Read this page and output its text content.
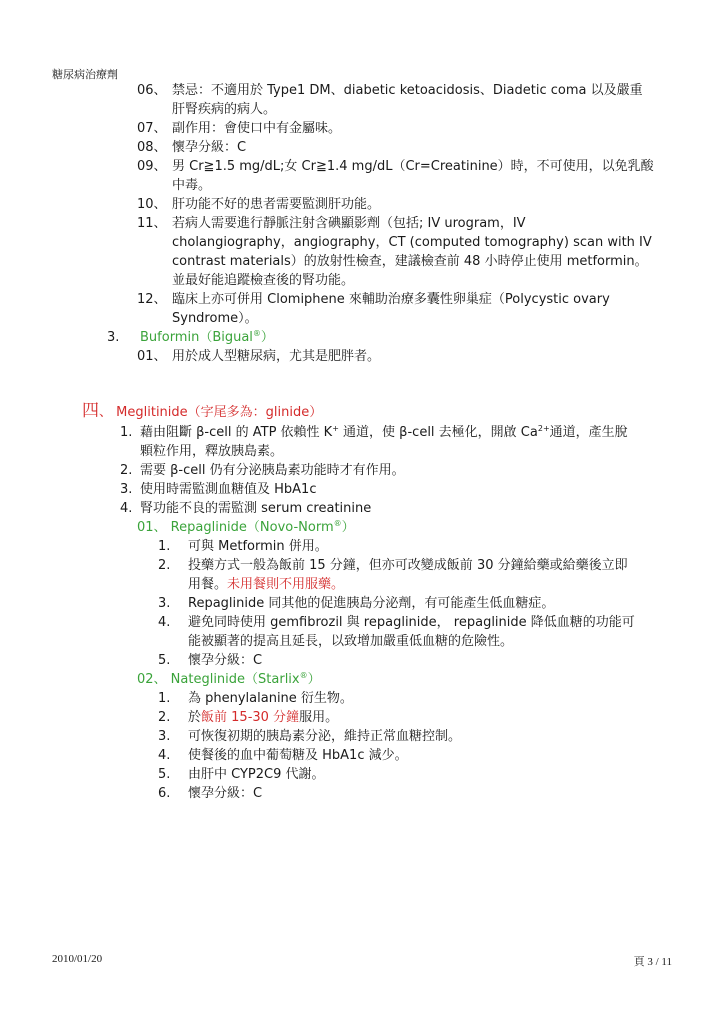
糖尿病治療劑
06、 禁忌：不適用於 Type1 DM、diabetic ketoacidosis、Diadetic coma 以及嚴重
肝腎疾病的病人。
07、 副作用：會使口中有金屬味。
08、 懷孕分級：C
09、 男 Cr≧1.5 mg/dL;女 Cr≧1.4 mg/dL（Cr=Creatinine）時，不可使用，以免乳酸
中毒。
10、 肝功能不好的患者需要監測肝功能。
11、 若病人需要進行靜脈注射含碘顯影劑（包括; IV urogram，IV
cholangiography，angiography，CT (computed tomography) scan with IV
contrast materials）的放射性檢查，建議檢查前 48 小時停止使用 metformin。
並最好能追蹤檢查後的腎功能。
12、 臨床上亦可併用 Clomiphene 來輔助治療多囊性卵巢症（Polycystic ovary
Syndrome）。
3. Buformin（Bigual®）
01、 用於成人型糖尿病，尤其是肥胖者。
四、 Meglitinide（字尾多為：glinide）
1. 藉由阻斷 β-cell 的 ATP 依賴性 K+ 通道，使 β-cell 去極化，開啟 $Ca^{2+}$通道，產生脫
顆粒作用，釋放胰島素。
2. 需要 β-cell 仍有分泌胰島素功能時才有作用。
3. 使用時需監測血糖值及 HbA1c
4. 腎功能不良的需監測 serum creatinine
01、 Repaglinide（Novo-Norm®）
1. 可與 Metformin 併用。
2. 投藥方式一般為飯前 15 分鐘，但亦可改變成飯前 30 分鐘給藥或給藥後立即
用餐。未用餐則不用服藥。
3. Repaglinide 同其他的促進胰島分泌劑，有可能產生低血糖症。
4. 避免同時使用 gemfibrozil 與 repaglinide， repaglinide 降低血糖的功能可
能被顯著的提高且延長，以致增加嚴重低血糖的危險性。
5. 懷孕分級：C
02、 Nateglinide（Starlix®）
1. 為 phenylalanine 衍生物。
2. 於飯前 15-30 分鐘服用。
3. 可恢復初期的胰島素分泌，維持正常血糖控制。
4. 使餐後的血中葡萄糖及 HbA1c 減少。
5. 由肝中 CYP2C9 代謝。
6. 懷孕分級：C
2010/01/20	頁 3 / 11
